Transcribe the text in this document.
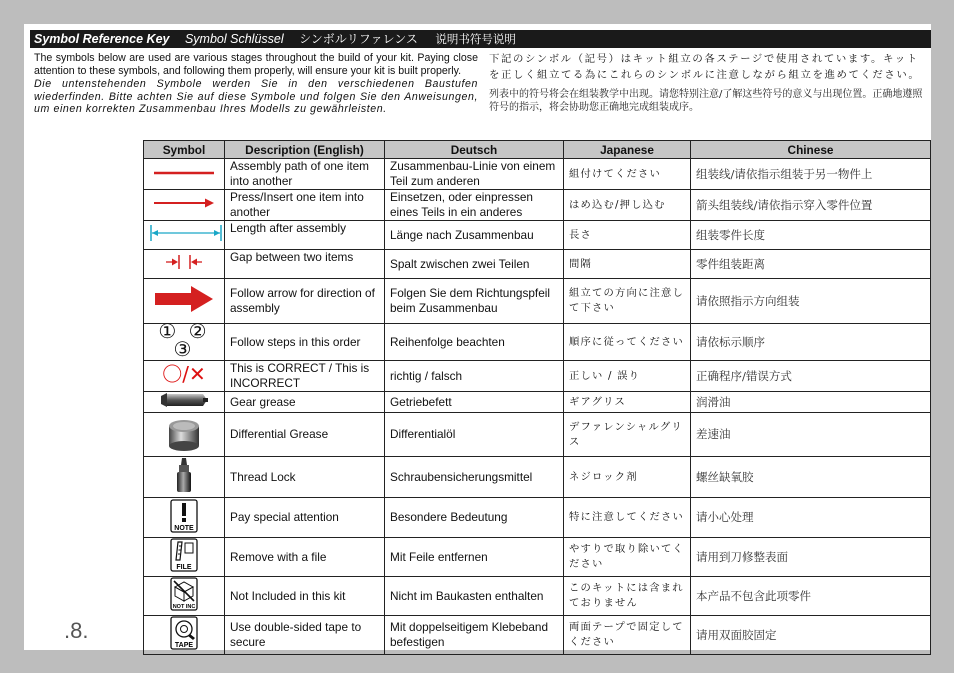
Symbol Reference Key Symbol Schlüssel シンボルリファレンス 说明书符号说明

The symbols below are used are various stages throughout the build of your kit. Paying close attention to these symbols, and following them properly, will ensure your kit is built properly.

Die untenstehenden Symbole werden Sie in den verschiedenen Baustufen wiederfinden. Bitte achten Sie auf diese Symbole und folgen Sie den Anweisungen, um einen korrekten Zusammenbau Ihres Modells zu gewährleisten.

下記のシンボル（記号）はキット組立の各ステージで使用されています。キットを正しく組立てる為にこれらのシンボルに注意しながら組立を進めてください。

列表中的符号将会在组装教学中出现。请您特别注意/了解这些符号的意义与出现位置。正确地遵照符号的指示，将会协助您正确地完成组装成序。

Symbol	Description (English)	Deutsch	Japanese	Chinese
	Assembly path of one item into another	Zusammenbau-Linie von einem Teil zum anderen	組付けてください	组装线/请依指示组装于另一物件上
	Press/Insert one item into another	Einsetzen, oder einpressen eines Teils in ein anderes	はめ込む/押し込む	箭头组装线/请依指示穿入零件位置
	Length after assembly	Länge nach Zusammenbau	長さ	组装零件长度
	Gap between two items	Spalt zwischen zwei Teilen	間隔	零件组装距离
	Follow arrow for direction of assembly	Folgen Sie dem Richtungspfeil beim Zusammenbau	組立ての方向に注意して下さい	请依照指示方向组装
① ② ③	Follow steps in this order	Reihenfolge beachten	順序に従ってください	请依标示顺序
〇/✕	This is CORRECT / This is INCORRECT	richtig / falsch	正しい / 誤り	正确程序/错误方式
	Gear grease	Getriebefett	ギアグリス	润滑油
	Differential Grease	Differentialöl	デファレンシャルグリス	差速油
	Thread Lock	Schraubensicherungsmittel	ネジロック剤	螺丝缺氧胶

NOTE	Pay special attention	Besondere Bedeutung	特に注意してください	请小心处理

FILE	Remove with a file	Mit Feile entfernen	やすりで取り除いてください	请用到刀修整表面

NOT INC	Not Included in this kit	Nicht im Baukasten enthalten	このキットには含まれておりません	本产品不包含此项零件

TAPE	Use double-sided tape to secure	Mit doppelseitigem Klebeband befestigen	両面テープで固定してください	请用双面胶固定
.8.
